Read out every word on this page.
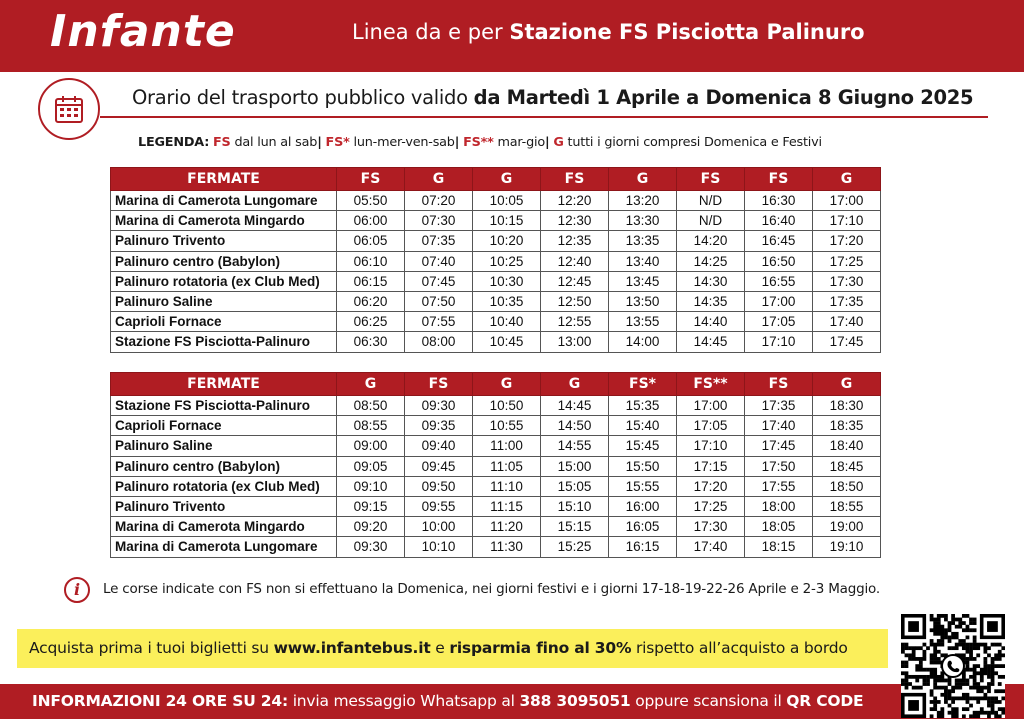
Infante	Linea da e per Stazione FS Pisciotta Palinuro
Orario del trasporto pubblico valido da Martedì 1 Aprile a Domenica 8 Giugno 2025
LEGENDA: FS dal lun al sab| FS* lun-mer-ven-sab| FS** mar-gio| G tutti i giorni compresi Domenica e Festivi
FERMATE	FS	G	G	FS	G	FS	FS	G
Marina di Camerota Lungomare	05:50	07:20	10:05	12:20	13:20	N/D	16:30	17:00
Marina di Camerota Mingardo	06:00	07:30	10:15	12:30	13:30	N/D	16:40	17:10
Palinuro Trivento	06:05	07:35	10:20	12:35	13:35	14:20	16:45	17:20
Palinuro centro (Babylon)	06:10	07:40	10:25	12:40	13:40	14:25	16:50	17:25
Palinuro rotatoria (ex Club Med)	06:15	07:45	10:30	12:45	13:45	14:30	16:55	17:30
Palinuro Saline	06:20	07:50	10:35	12:50	13:50	14:35	17:00	17:35
Caprioli Fornace	06:25	07:55	10:40	12:55	13:55	14:40	17:05	17:40
Stazione FS Pisciotta-Palinuro	06:30	08:00	10:45	13:00	14:00	14:45	17:10	17:45
FERMATE	G	FS	G	G	FS*	FS**	FS	G
Stazione FS Pisciotta-Palinuro	08:50	09:30	10:50	14:45	15:35	17:00	17:35	18:30
Caprioli Fornace	08:55	09:35	10:55	14:50	15:40	17:05	17:40	18:35
Palinuro Saline	09:00	09:40	11:00	14:55	15:45	17:10	17:45	18:40
Palinuro centro (Babylon)	09:05	09:45	11:05	15:00	15:50	17:15	17:50	18:45
Palinuro rotatoria (ex Club Med)	09:10	09:50	11:10	15:05	15:55	17:20	17:55	18:50
Palinuro Trivento	09:15	09:55	11:15	15:10	16:00	17:25	18:00	18:55
Marina di Camerota Mingardo	09:20	10:00	11:20	15:15	16:05	17:30	18:05	19:00
Marina di Camerota Lungomare	09:30	10:10	11:30	15:25	16:15	17:40	18:15	19:10
i	Le corse indicate con FS non si effettuano la Domenica, nei giorni festivi e i giorni 17-18-19-22-26 Aprile e 2-3 Maggio.
Acquista prima i tuoi biglietti su www.infantebus.it e risparmia fino al 30% rispetto all’acquisto a bordo
INFORMAZIONI 24 ORE SU 24: invia messaggio Whatsapp al 388 3095051 oppure scansiona il QR CODE
